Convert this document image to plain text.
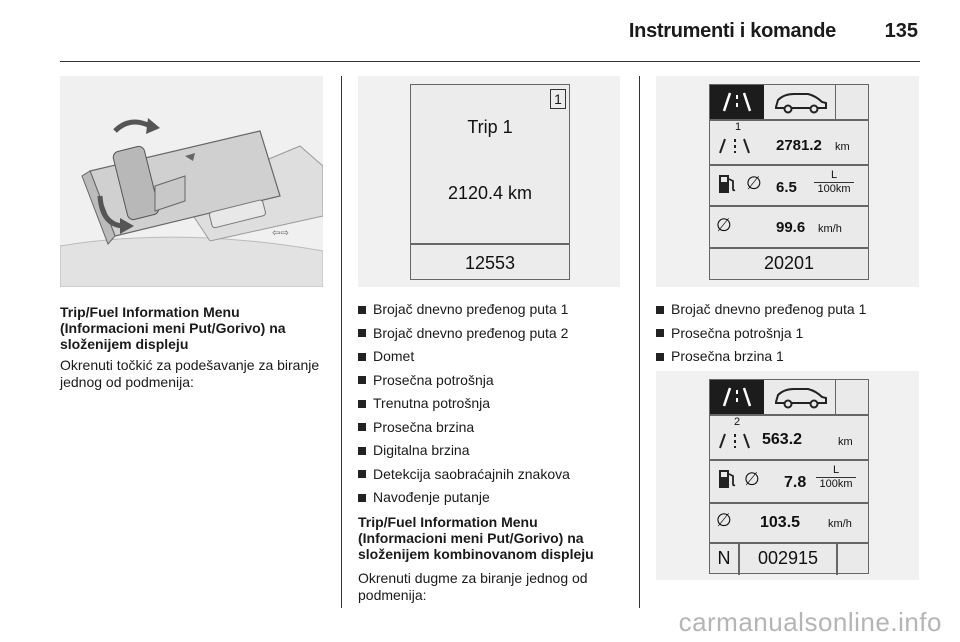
Instrumenti i komande 135
⇦⇨
Trip/Fuel Information Menu (Informacioni meni Put/Gorivo) na složenijem displeju
Okrenuti točkić za podešavanje za biranje jednog od podmenija:
1
Trip 1
2120.4 km
12553
Brojač dnevno pređenog puta 1
Brojač dnevno pređenog puta 2
Domet
Prosečna potrošnja
Trenutna potrošnja
Prosečna brzina
Digitalna brzina
Detekcija saobraćajnih znakova
Navođenje putanje
Trip/Fuel Information Menu (Informacioni meni Put/Gorivo) na složenijem kombinovanom displeju
Okrenuti dugme za biranje jednog od podmenija:
1
2781.2 km
∅ 6.5
L
100km
∅	99.6 km/h
20201
Brojač dnevno pređenog puta 1
Prosečna potrošnja 1
Prosečna brzina 1
2
563.2	km
∅ 7.8
L
100km
∅ 103.5	km/h
N	002915
carmanualsonline.info
